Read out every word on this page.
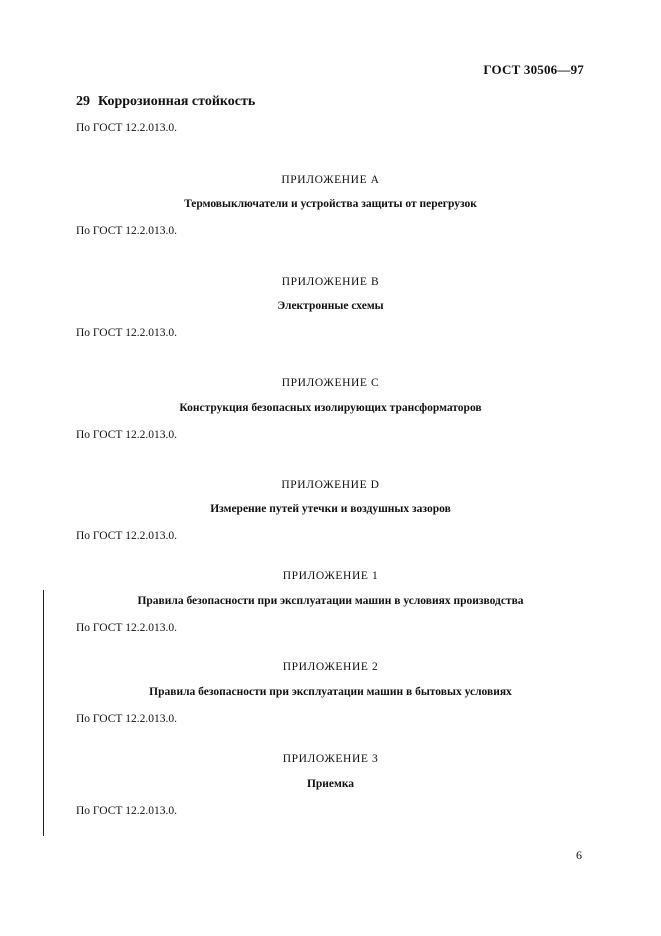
ГОСТ 30506—97
29 Коррозионная стойкость
По ГОСТ 12.2.013.0.
ПРИЛОЖЕНИЕ А
Термовыключатели и устройства защиты от перегрузок
По ГОСТ 12.2.013.0.
ПРИЛОЖЕНИЕ В
Электронные схемы
По ГОСТ 12.2.013.0.
ПРИЛОЖЕНИЕ С
Конструкция безопасных изолирующих трансформаторов
По ГОСТ 12.2.013.0.
ПРИЛОЖЕНИЕ D
Измерение путей утечки и воздушных зазоров
По ГОСТ 12.2.013.0.
ПРИЛОЖЕНИЕ 1
Правила безопасности при эксплуатации машин в условиях производства
По ГОСТ 12.2.013.0.
ПРИЛОЖЕНИЕ 2
Правила безопасности при эксплуатации машин в бытовых условиях
По ГОСТ 12.2.013.0.
ПРИЛОЖЕНИЕ 3
Приемка
По ГОСТ 12.2.013.0.
6
